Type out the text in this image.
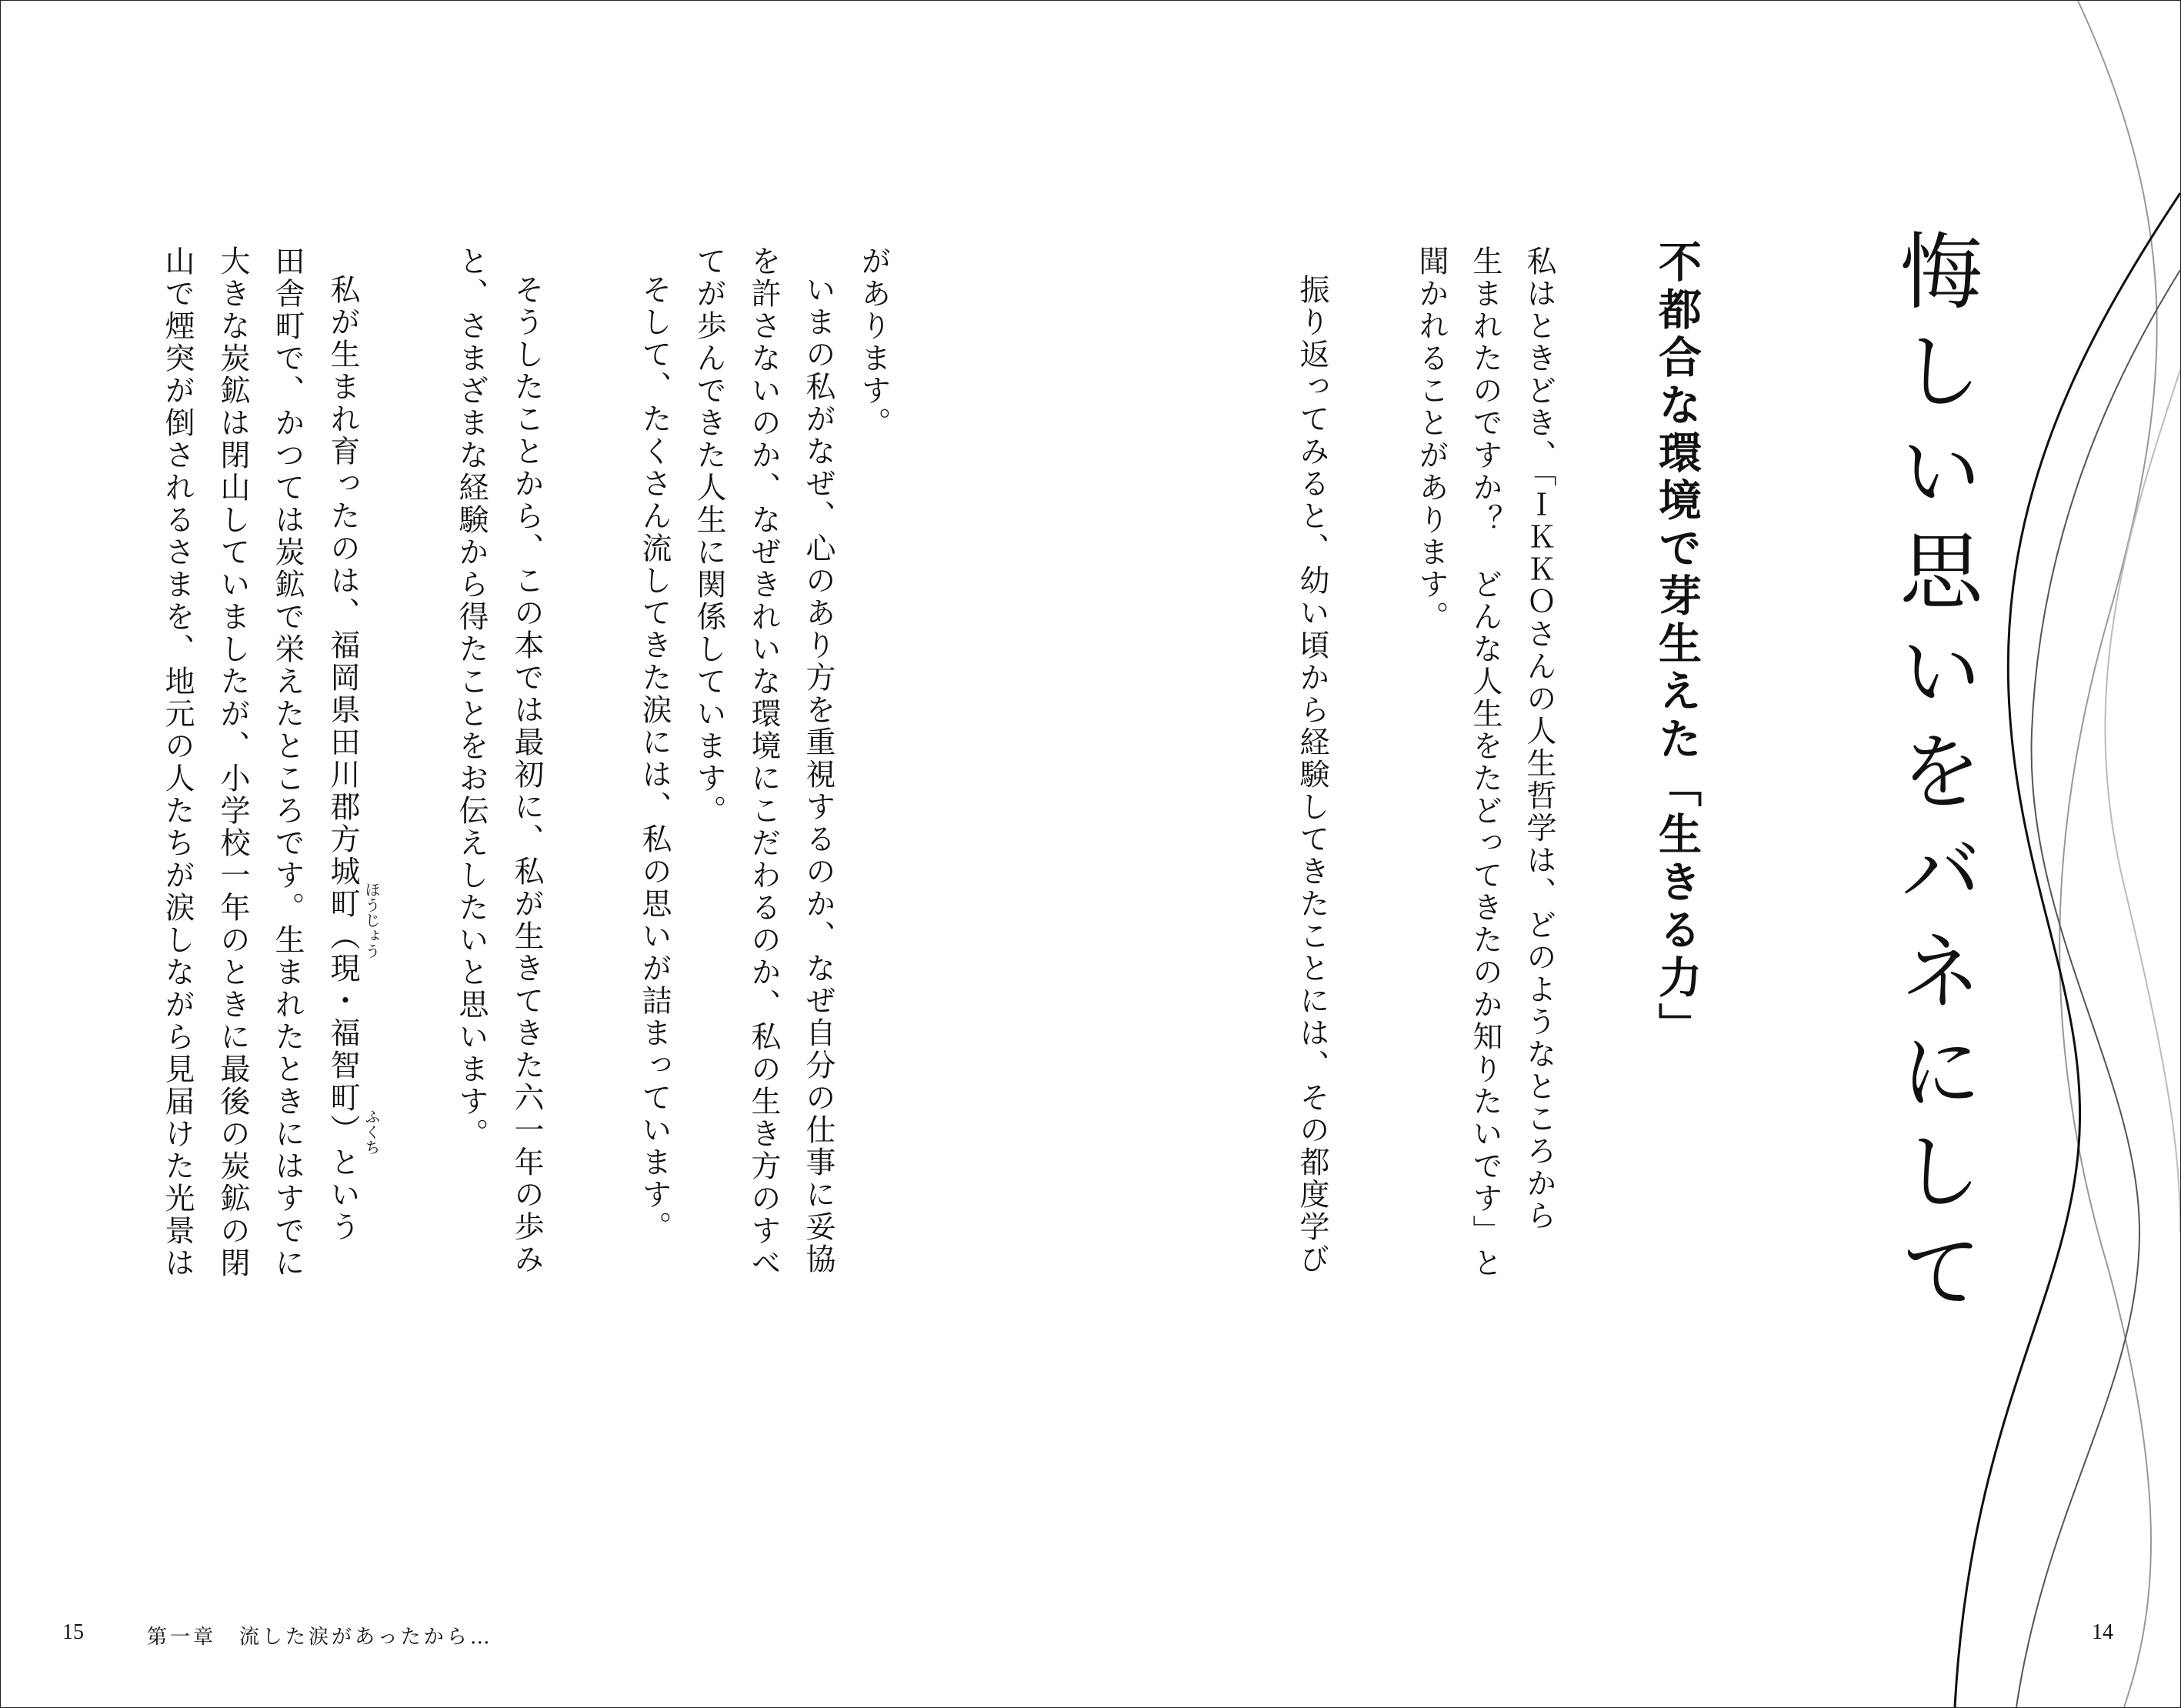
悔しい思いをバネにして
不都合な環境で芽生えた「生きる力」
私はときどき、「ＩＫＫＯさんの人生哲学は、どのようなところから
生まれたのですか？　どんな人生をたどってきたのか知りたいです」と
聞かれることがあります。
振り返ってみると、幼い頃から経験してきたことには、その都度学び
があります。
いまの私がなぜ、心のあり方を重視するのか、なぜ自分の仕事に妥協
を許さないのか、なぜきれいな環境にこだわるのか、私の生き方のすべ
てが歩んできた人生に関係しています。
そして、たくさん流してきた涙には、私の思いが詰まっています。
そうしたことから、この本では最初に、私が生きてきた六一年の歩み
と、さまざまな経験から得たことをお伝えしたいと思います。
私が生まれ育ったのは、福岡県田川郡方城町（現・福智町）という
田舎町で、かつては炭鉱で栄えたところです。生まれたときにはすでに
大きな炭鉱は閉山していましたが、小学校一年のときに最後の炭鉱の閉
山で煙突が倒されるさまを、地元の人たちが涙しながら見届けた光景は	ほうじょう
ふくち
15	第一章　流した涙があったから…	14
